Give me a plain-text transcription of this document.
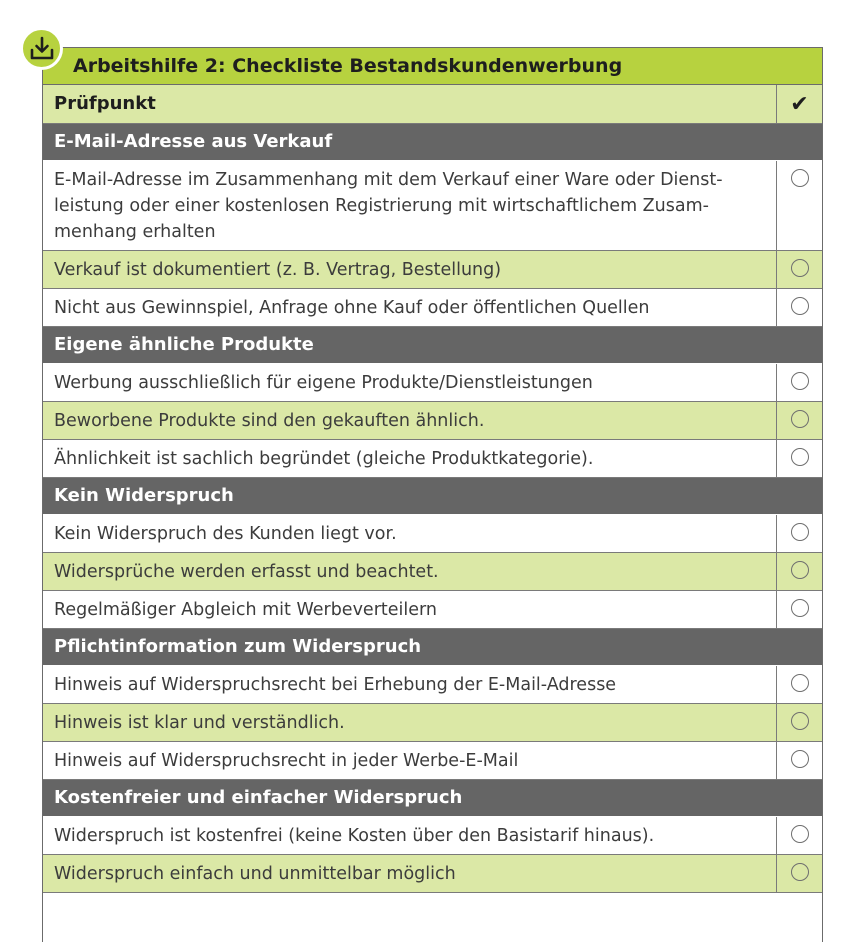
Arbeitshilfe 2: Checkliste Bestandskundenwerbung
Prüfpunkt	✔
E-Mail-Adresse aus Verkauf
E-Mail-Adresse im Zusammenhang mit dem Verkauf einer Ware oder Dienst-leistung oder einer kostenlosen Registrierung mit wirtschaftlichem Zusam-menhang erhalten
Verkauf ist dokumentiert (z. B. Vertrag, Bestellung)
Nicht aus Gewinnspiel, Anfrage ohne Kauf oder öffentlichen Quellen
Eigene ähnliche Produkte
Werbung ausschließlich für eigene Produkte/Dienstleistungen
Beworbene Produkte sind den gekauften ähnlich.
Ähnlichkeit ist sachlich begründet (gleiche Produktkategorie).
Kein Widerspruch
Kein Widerspruch des Kunden liegt vor.
Widersprüche werden erfasst und beachtet.
Regelmäßiger Abgleich mit Werbeverteilern
Pflichtinformation zum Widerspruch
Hinweis auf Widerspruchsrecht bei Erhebung der E-Mail-Adresse
Hinweis ist klar und verständlich.
Hinweis auf Widerspruchsrecht in jeder Werbe-E-Mail
Kostenfreier und einfacher Widerspruch
Widerspruch ist kostenfrei (keine Kosten über den Basistarif hinaus).
Widerspruch einfach und unmittelbar möglich
